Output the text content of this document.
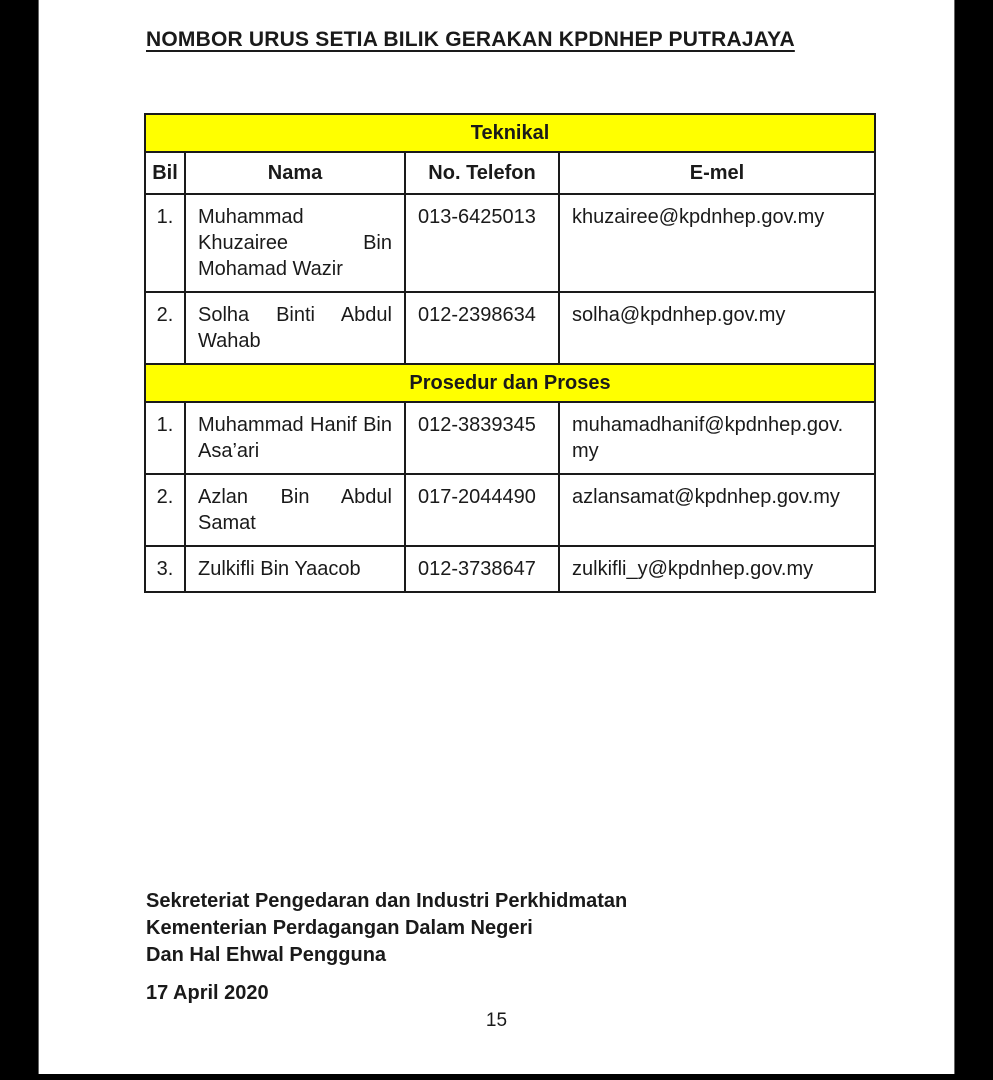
NOMBOR URUS SETIA BILIK GERAKAN KPDNHEP PUTRAJAYA
Teknikal			
Bil	Nama	No. Telefon	E-mel
1.	Muhammad Khuzairee Bin Mohamad Wazir	013-6425013	khuzairee@kpdnhep.gov.my
2.	Solha Binti Abdul Wahab	012-2398634	solha@kpdnhep.gov.my
Prosedur dan Proses			
1.	Muhammad Hanif Bin Asa’ari	012-3839345	muhamadhanif@kpdnhep.gov.my
2.	Azlan Bin Abdul Samat	017-2044490	azlansamat@kpdnhep.gov.my
3.	Zulkifli Bin Yaacob	012-3738647	zulkifli_y@kpdnhep.gov.my
Sekreteriat Pengedaran dan Industri Perkhidmatan
Kementerian Perdagangan Dalam Negeri
Dan Hal Ehwal Pengguna
17 April 2020
15
